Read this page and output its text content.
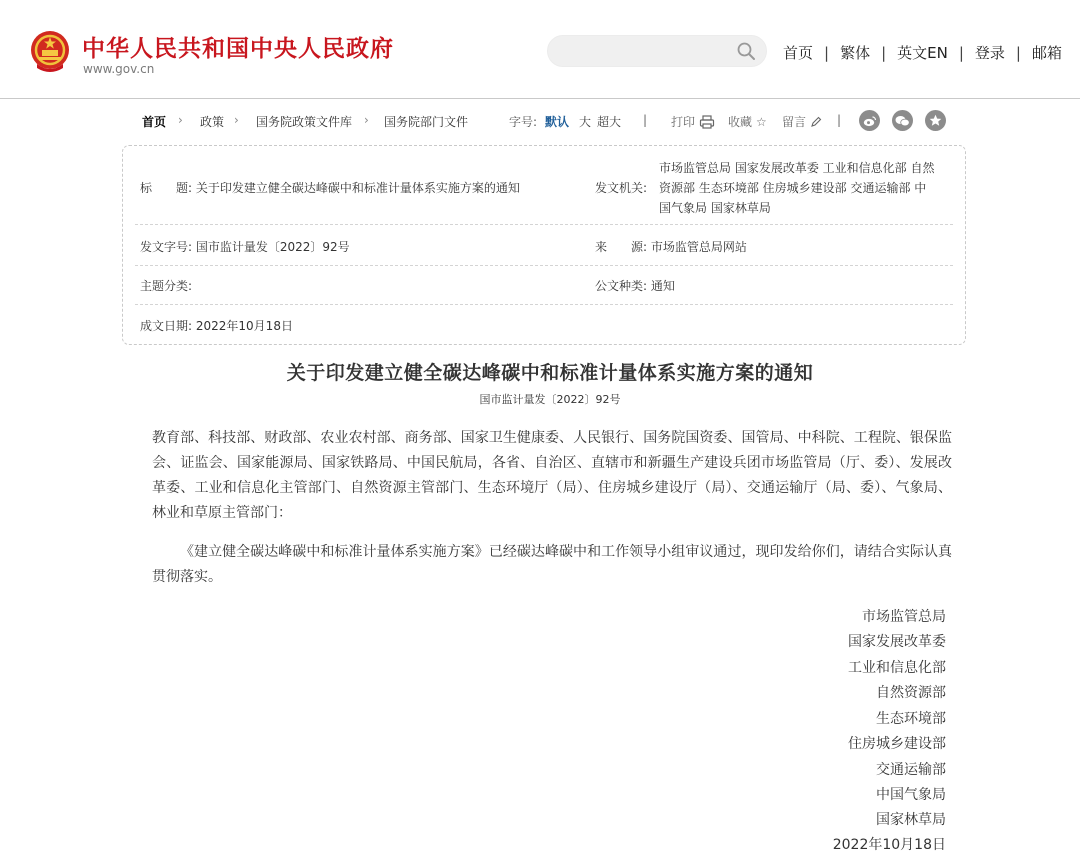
中华人民共和国中央人民政府
www.gov.cn
首页 | 繁体 | 英文EN | 登录 | 邮箱
首页 › 政策 › 国务院政策文件库 › 国务院部门文件	字号: 默认 大 超大 | 打印	收藏 ☆ 留言	|
标　　题: 关于印发建立健全碳达峰碳中和标准计量体系实施方案的通知	发文机关:
市场监管总局 国家发展改革委 工业和信息化部 自然
资源部 生态环境部 住房城乡建设部 交通运输部 中
国气象局 国家林草局
发文字号: 国市监计量发〔2022〕92号	来　　源: 市场监管总局网站
主题分类:	公文种类: 通知
成文日期: 2022年10月18日
关于印发建立健全碳达峰碳中和标准计量体系实施方案的通知
国市监计量发〔2022〕92号
教育部、科技部、财政部、农业农村部、商务部、国家卫生健康委、人民银行、国务院国资委、国管局、中科院、工程院、银保监会、证监会、国家能源局、国家铁路局、中国民航局，各省、自治区、直辖市和新疆生产建设兵团市场监管局（厅、委）、发展改革委、工业和信息化主管部门、自然资源主管部门、生态环境厅（局）、住房城乡建设厅（局）、交通运输厅（局、委）、气象局、林业和草原主管部门：
《建立健全碳达峰碳中和标准计量体系实施方案》已经碳达峰碳中和工作领导小组审议通过，现印发给你们，请结合实际认真贯彻落实。
市场监管总局
国家发展改革委
工业和信息化部
自然资源部
生态环境部
住房城乡建设部
交通运输部
中国气象局
国家林草局
2022年10月18日
